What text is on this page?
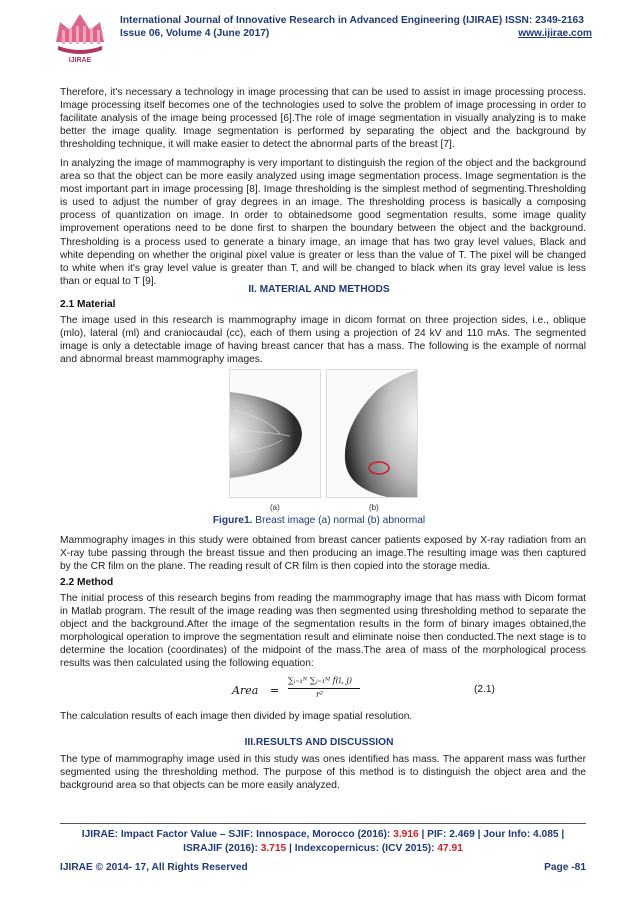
IJIRAE
International Journal of Innovative Research in Advanced Engineering (IJIRAE) ISSN: 2349-2163
Issue 06, Volume 4 (June 2017)	www.ijirae.com
Therefore, it's necessary a technology in image processing that can be used to assist in image processing process. Image processing itself becomes one of the technologies used to solve the problem of image processing in order to facilitate analysis of the image being processed [6].The role of image segmentation in visually analyzing is to make better the image quality. Image segmentation is performed by separating the object and the background by thresholding technique, it will make easier to detect the abnormal parts of the breast [7].
In analyzing the image of mammography is very important to distinguish the region of the object and the background area so that the object can be more easily analyzed using image segmentation process. Image segmentation is the most important part in image processing [8]. Image thresholding is the simplest method of segmenting.Thresholding is used to adjust the number of gray degrees in an image. The thresholding process is basically a composing process of quantization on image. In order to obtainedsome good segmentation results, some image quality improvement operations need to be done first to sharpen the boundary between the object and the background. Thresholding is a process used to generate a binary image, an image that has two gray level values, Black and white depending on whether the original pixel value is greater or less than the value of T. The pixel will be changed to white when it's gray level value is greater than T, and will be changed to black when its gray level value is less than or equal to T [9].
II. MATERIAL AND METHODS
2.1 Material
The image used in this research is mammography image in dicom format on three projection sides, i.e., oblique (mlo), lateral (ml) and craniocaudal (cc), each of them using a projection of 24 kV and 110 mAs. The segmented image is only a detectable image of having breast cancer that has a mass. The following is the example of normal and abnormal breast mammography images.
(a)	(b)
Figure1. Breast image (a) normal (b) abnormal
Mammography images in this study were obtained from breast cancer patients exposed by X-ray radiation from an X-ray tube passing through the breast tissue and then producing an image.The resulting image was then captured by the CR film on the plane. The reading result of CR film is then copied into the storage media.
2.2 Method
The initial process of this research begins from reading the mammography image that has mass with Dicom format in Matlab program. The result of the image reading was then segmented using thresholding method to separate the object and the background.After the image of the segmentation results in the form of binary images obtained,the morphological operation to improve the segmentation result and eliminate noise then conducted.The next stage is to determine the location (coordinates) of the midpoint of the mass.The area of mass of the morphological process results was then calculated using the following equation:
Area =
∑ᵢ₌₁ᴺ ∑ⱼ₌₁ᴹ f(i, j)
r²	(2.1)
The calculation results of each image then divided by image spatial resolution.
III.RESULTS AND DISCUSSION
The type of mammography image used in this study was ones identified has mass. The apparent mass was further segmented using the thresholding method. The purpose of this method is to distinguish the object area and the background area so that objects can be more easily analyzed.
IJIRAE: Impact Factor Value – SJIF: Innospace, Morocco (2016): 3.916 | PIF: 2.469 | Jour Info: 4.085 |
ISRAJIF (2016): 3.715 | Indexcopernicus: (ICV 2015): 47.91
IJIRAE © 2014- 17, All Rights Reserved	Page -81
